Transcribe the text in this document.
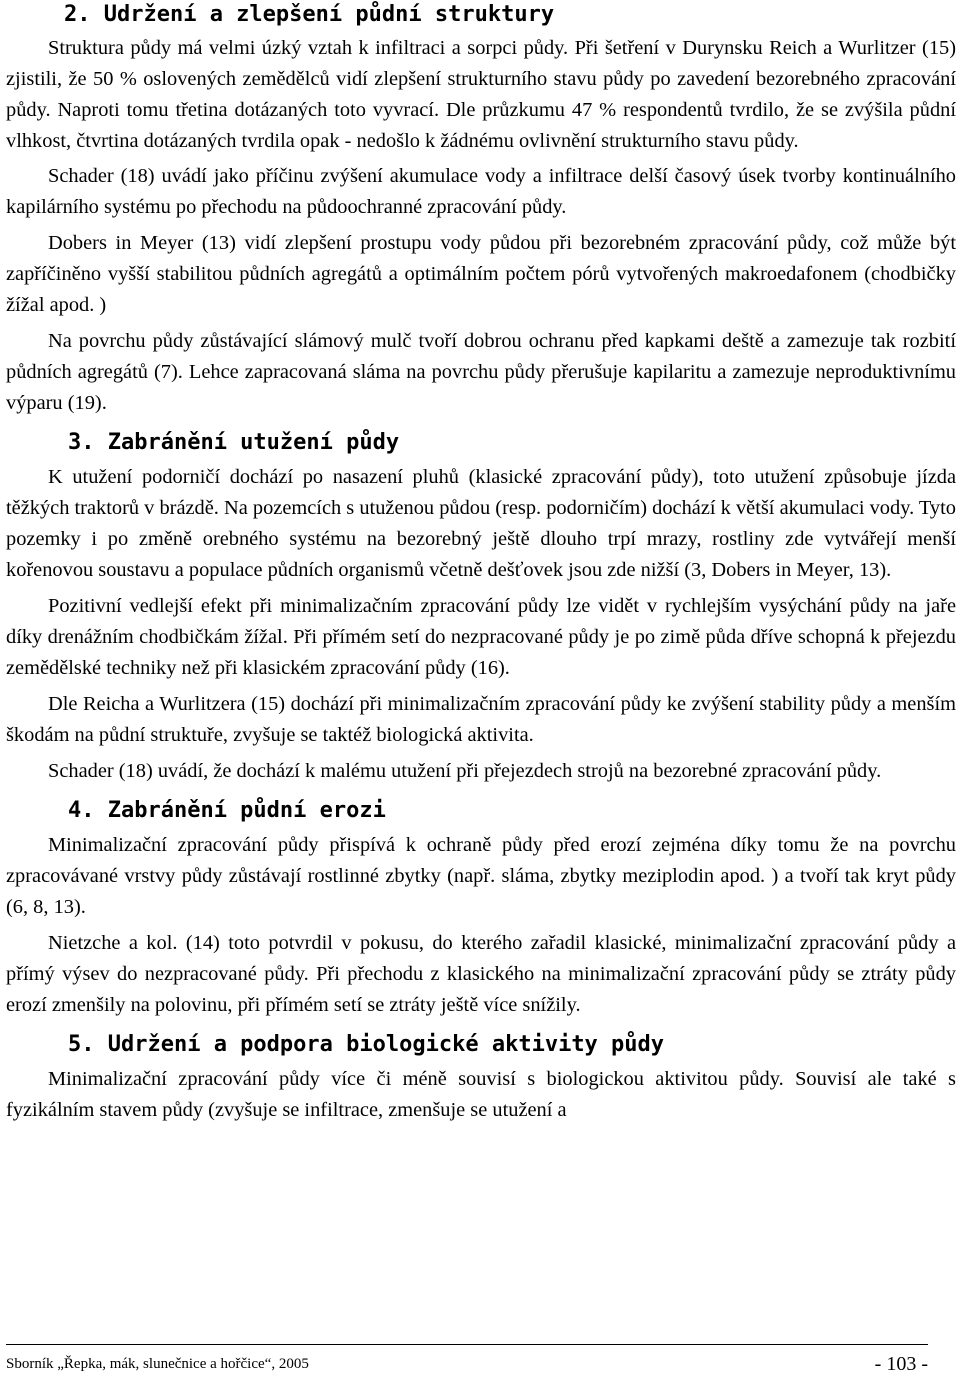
2. Udržení a zlepšení půdní struktury

Struktura půdy má velmi úzký vztah k infiltraci a sorpci půdy. Při šetření v Durynsku Reich a Wurlitzer (15) zjistili, že 50 % oslovených zemědělců vidí zlepšení strukturního stavu půdy po zavedení bezorebného zpracování půdy. Naproti tomu třetina dotázaných toto vyvrací. Dle průzkumu 47 % respondentů tvrdilo, že se zvýšila půdní vlhkost, čtvrtina dotázaných tvrdila opak - nedošlo k žádnému ovlivnění strukturního stavu půdy.

Schader (18) uvádí jako příčinu zvýšení akumulace vody a infiltrace delší časový úsek tvorby kontinuálního kapilárního systému po přechodu na půdoochranné zpracování půdy.

Dobers in Meyer (13) vidí zlepšení prostupu vody půdou při bezorebném zpracování půdy, což může být zapříčiněno vyšší stabilitou půdních agregátů a optimálním počtem pórů vytvořených makroedafonem (chodbičky žížal apod. )

Na povrchu půdy zůstávající slámový mulč tvoří dobrou ochranu před kapkami deště a zamezuje tak rozbití půdních agregátů (7). Lehce zapracovaná sláma na povrchu půdy přerušuje kapilaritu a zamezuje neproduktivnímu výparu (19).

3. Zabránění utužení půdy

K utužení podorničí dochází po nasazení pluhů (klasické zpracování půdy), toto utužení způsobuje jízda těžkých traktorů v brázdě. Na pozemcích s utuženou půdou (resp. podorničím) dochází k větší akumulaci vody. Tyto pozemky i po změně orebného systému na bezorebný ještě dlouho trpí mrazy, rostliny zde vytvářejí menší kořenovou soustavu a populace půdních organismů včetně dešťovek jsou zde nižší (3, Dobers in Meyer, 13).

Pozitivní vedlejší efekt při minimalizačním zpracování půdy lze vidět v rychlejším vysýchání půdy na jaře díky drenážním chodbičkám žížal. Při přímém setí do nezpracované půdy je po zimě půda dříve schopná k přejezdu zemědělské techniky než při klasickém zpracování půdy (16).

Dle Reicha a Wurlitzera (15) dochází při minimalizačním zpracování půdy ke zvýšení stability půdy a menším škodám na půdní struktuře, zvyšuje se taktéž biologická aktivita.

Schader (18) uvádí, že dochází k malému utužení při přejezdech strojů na bezorebné zpracování půdy.

4. Zabránění půdní erozi

Minimalizační zpracování půdy přispívá k ochraně půdy před erozí zejména díky tomu že na povrchu zpracovávané vrstvy půdy zůstávají rostlinné zbytky (např. sláma, zbytky meziplodin apod. ) a tvoří tak kryt půdy (6, 8, 13).

Nietzche a kol. (14) toto potvrdil v pokusu, do kterého zařadil klasické, minimalizační zpracování půdy a přímý výsev do nezpracované půdy. Při přechodu z klasického na minimalizační zpracování půdy se ztráty půdy erozí zmenšily na polovinu, při přímém setí se ztráty ještě více snížily.

5. Udržení a podpora biologické aktivity půdy

Minimalizační zpracování půdy více či méně souvisí s biologickou aktivitou půdy. Souvisí ale také s fyzikálním stavem půdy (zvyšuje se infiltrace, zmenšuje se utužení a

Sborník „Řepka, mák, slunečnice a hořčice“, 2005	- 103 -
